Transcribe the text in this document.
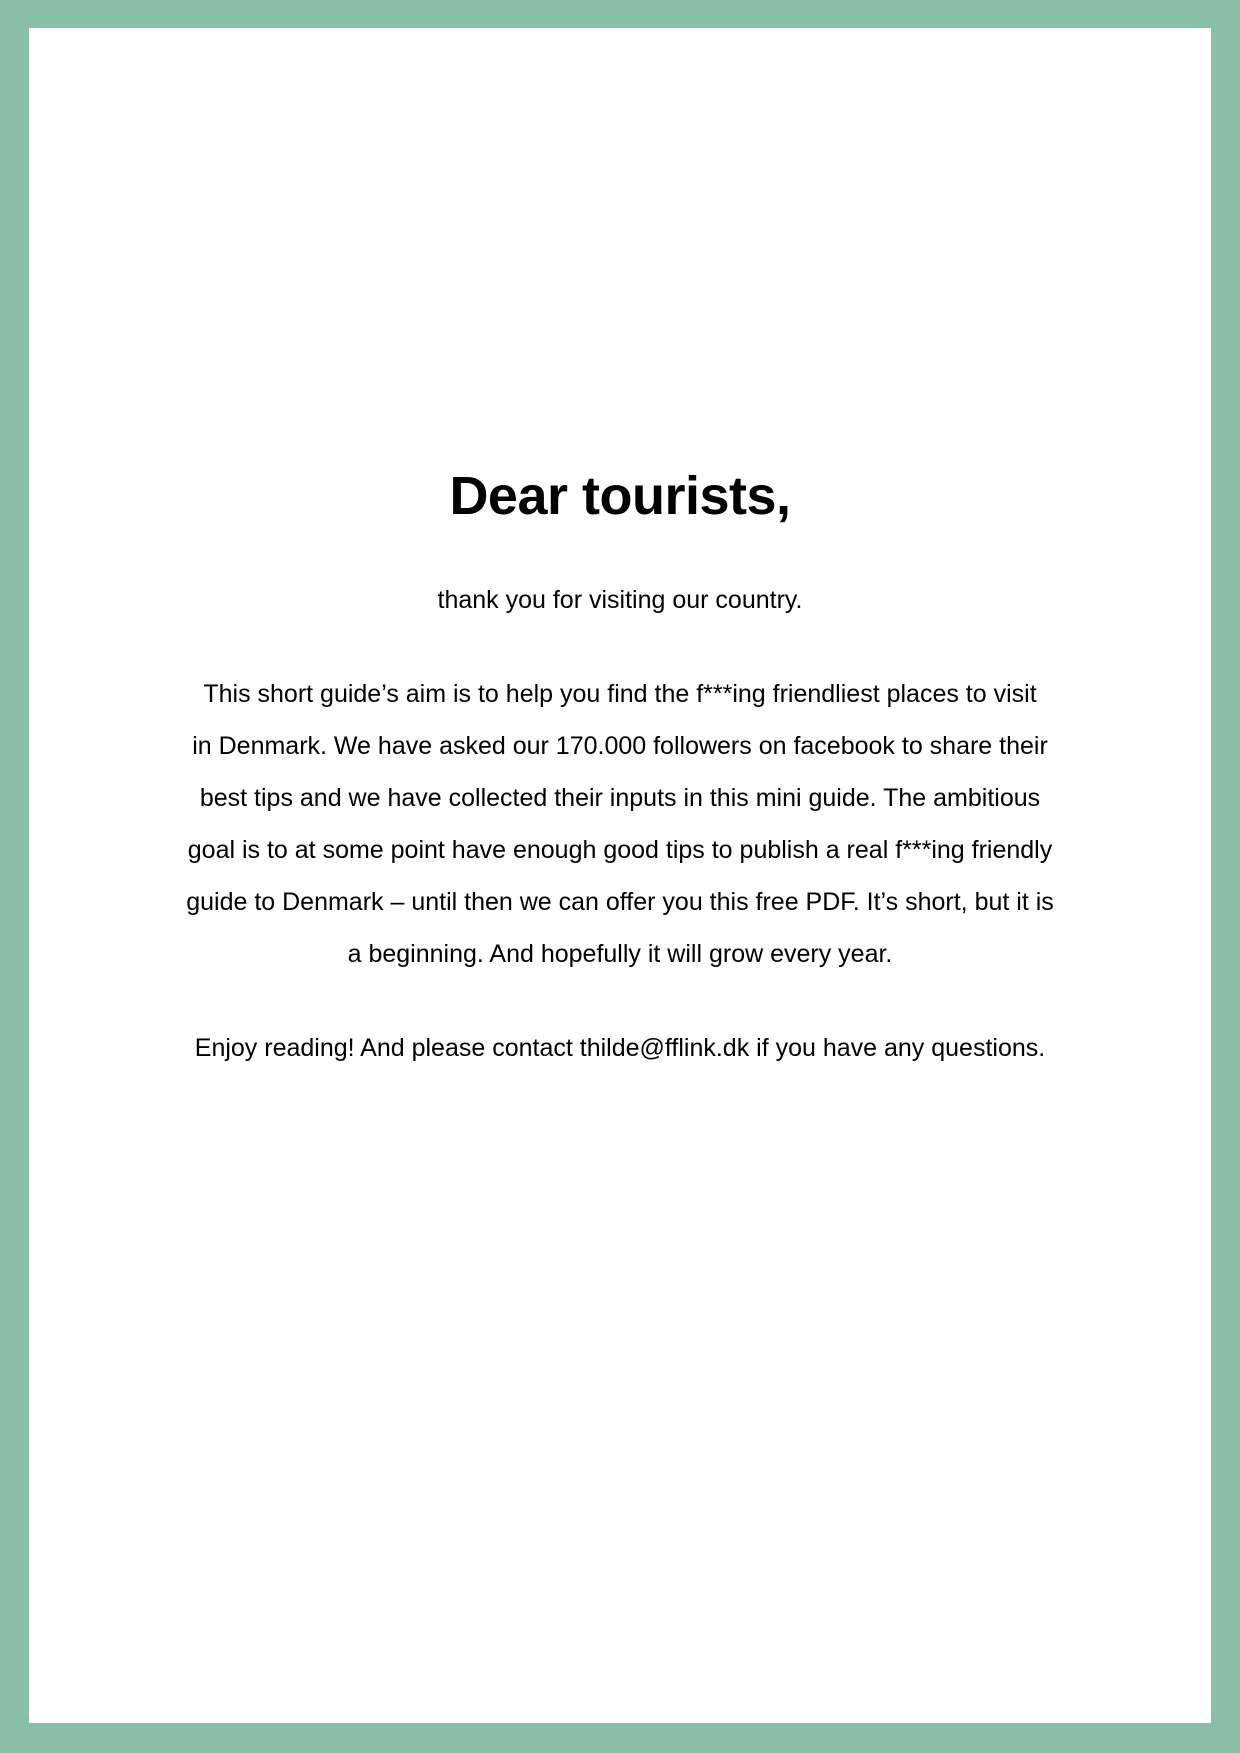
Dear tourists,

thank you for visiting our country.

This short guide’s aim is to help you find the f***ing friendliest places to visit
in Denmark. We have asked our 170.000 followers on facebook to share their
best tips and we have collected their inputs in this mini guide. The ambitious
goal is to at some point have enough good tips to publish a real f***ing friendly
guide to Denmark – until then we can offer you this free PDF. It’s short, but it is
a beginning. And hopefully it will grow every year.

Enjoy reading! And please contact thilde@fflink.dk if you have any questions.
